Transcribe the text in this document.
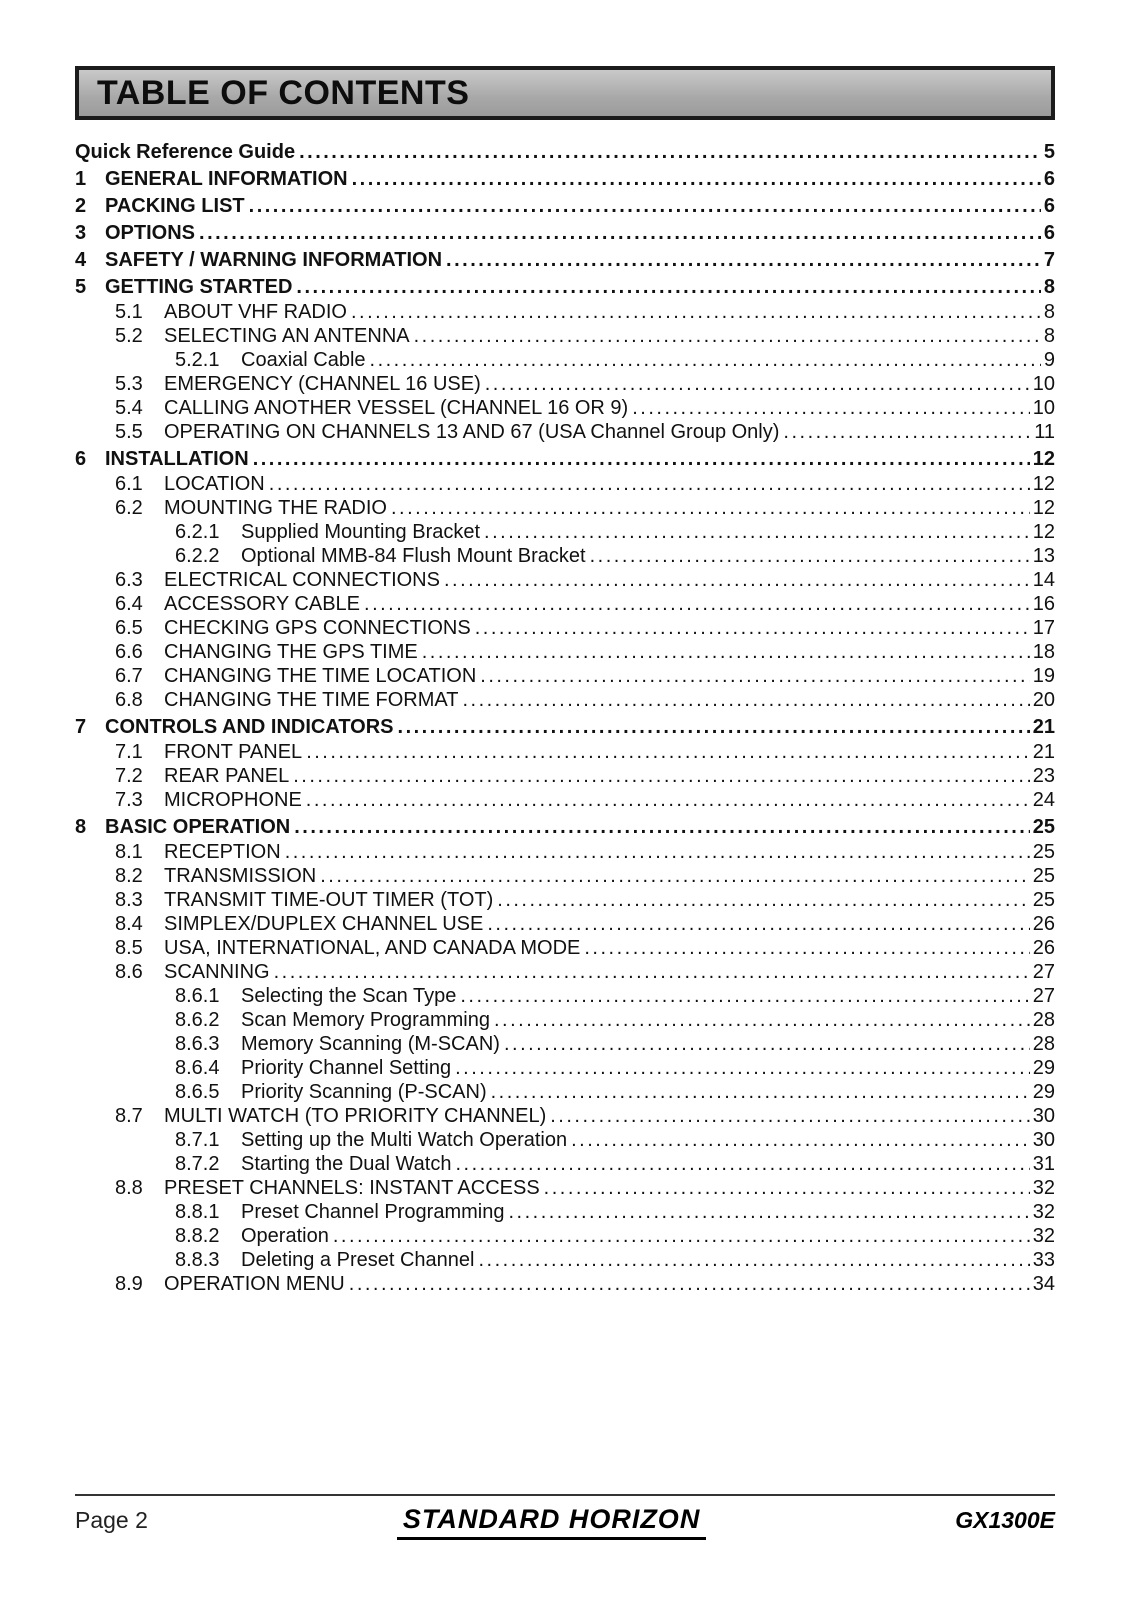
TABLE OF CONTENTS
Quick Reference Guide .....	5
1 GENERAL INFORMATION .....	6
2 PACKING LIST .....	6
3 OPTIONS .....	6
4 SAFETY / WARNING INFORMATION .....	7
5 GETTING STARTED .....	8
5.1	ABOUT VHF RADIO .....	8
5.2	SELECTING AN ANTENNA .....	8
5.2.1	Coaxial Cable .....	9
5.3	EMERGENCY (CHANNEL 16 USE) .....	10
5.4	CALLING ANOTHER VESSEL (CHANNEL 16 OR 9) .....	10
5.5	OPERATING ON CHANNELS 13 AND 67 (USA Channel Group Only) .....	11
6 INSTALLATION .....	12
6.1	LOCATION .....	12
6.2	MOUNTING THE RADIO .....	12
6.2.1	Supplied Mounting Bracket .....	12
6.2.2	Optional MMB-84 Flush Mount Bracket .....	13
6.3	ELECTRICAL CONNECTIONS .....	14
6.4	ACCESSORY CABLE .....	16
6.5	CHECKING GPS CONNECTIONS .....	17
6.6	CHANGING THE GPS TIME .....	18
6.7	CHANGING THE TIME LOCATION .....	19
6.8	CHANGING THE TIME FORMAT .....	20
7 CONTROLS AND INDICATORS .....	21
7.1	FRONT PANEL .....	21
7.2	REAR PANEL .....	23
7.3	MICROPHONE .....	24
8 BASIC OPERATION .....	25
8.1	RECEPTION .....	25
8.2	TRANSMISSION .....	25
8.3	TRANSMIT TIME-OUT TIMER (TOT) .....	25
8.4	SIMPLEX/DUPLEX CHANNEL USE .....	26
8.5	USA, INTERNATIONAL, AND CANADA MODE .....	26
8.6	SCANNING .....	27
8.6.1	Selecting the Scan Type .....	27
8.6.2	Scan Memory Programming .....	28
8.6.3	Memory Scanning (M-SCAN) .....	28
8.6.4	Priority Channel Setting .....	29
8.6.5	Priority Scanning (P-SCAN) .....	29
8.7	MULTI WATCH (TO PRIORITY CHANNEL) .....	30
8.7.1	Setting up the Multi Watch Operation .....	30
8.7.2	Starting the Dual Watch .....	31
8.8	PRESET CHANNELS: INSTANT ACCESS .....	32
8.8.1	Preset Channel Programming .....	32
8.8.2	Operation .....	32
8.8.3	Deleting a Preset Channel .....	33
8.9	OPERATION MENU .....	34
Page 2	STANDARD HORIZON	GX1300E
